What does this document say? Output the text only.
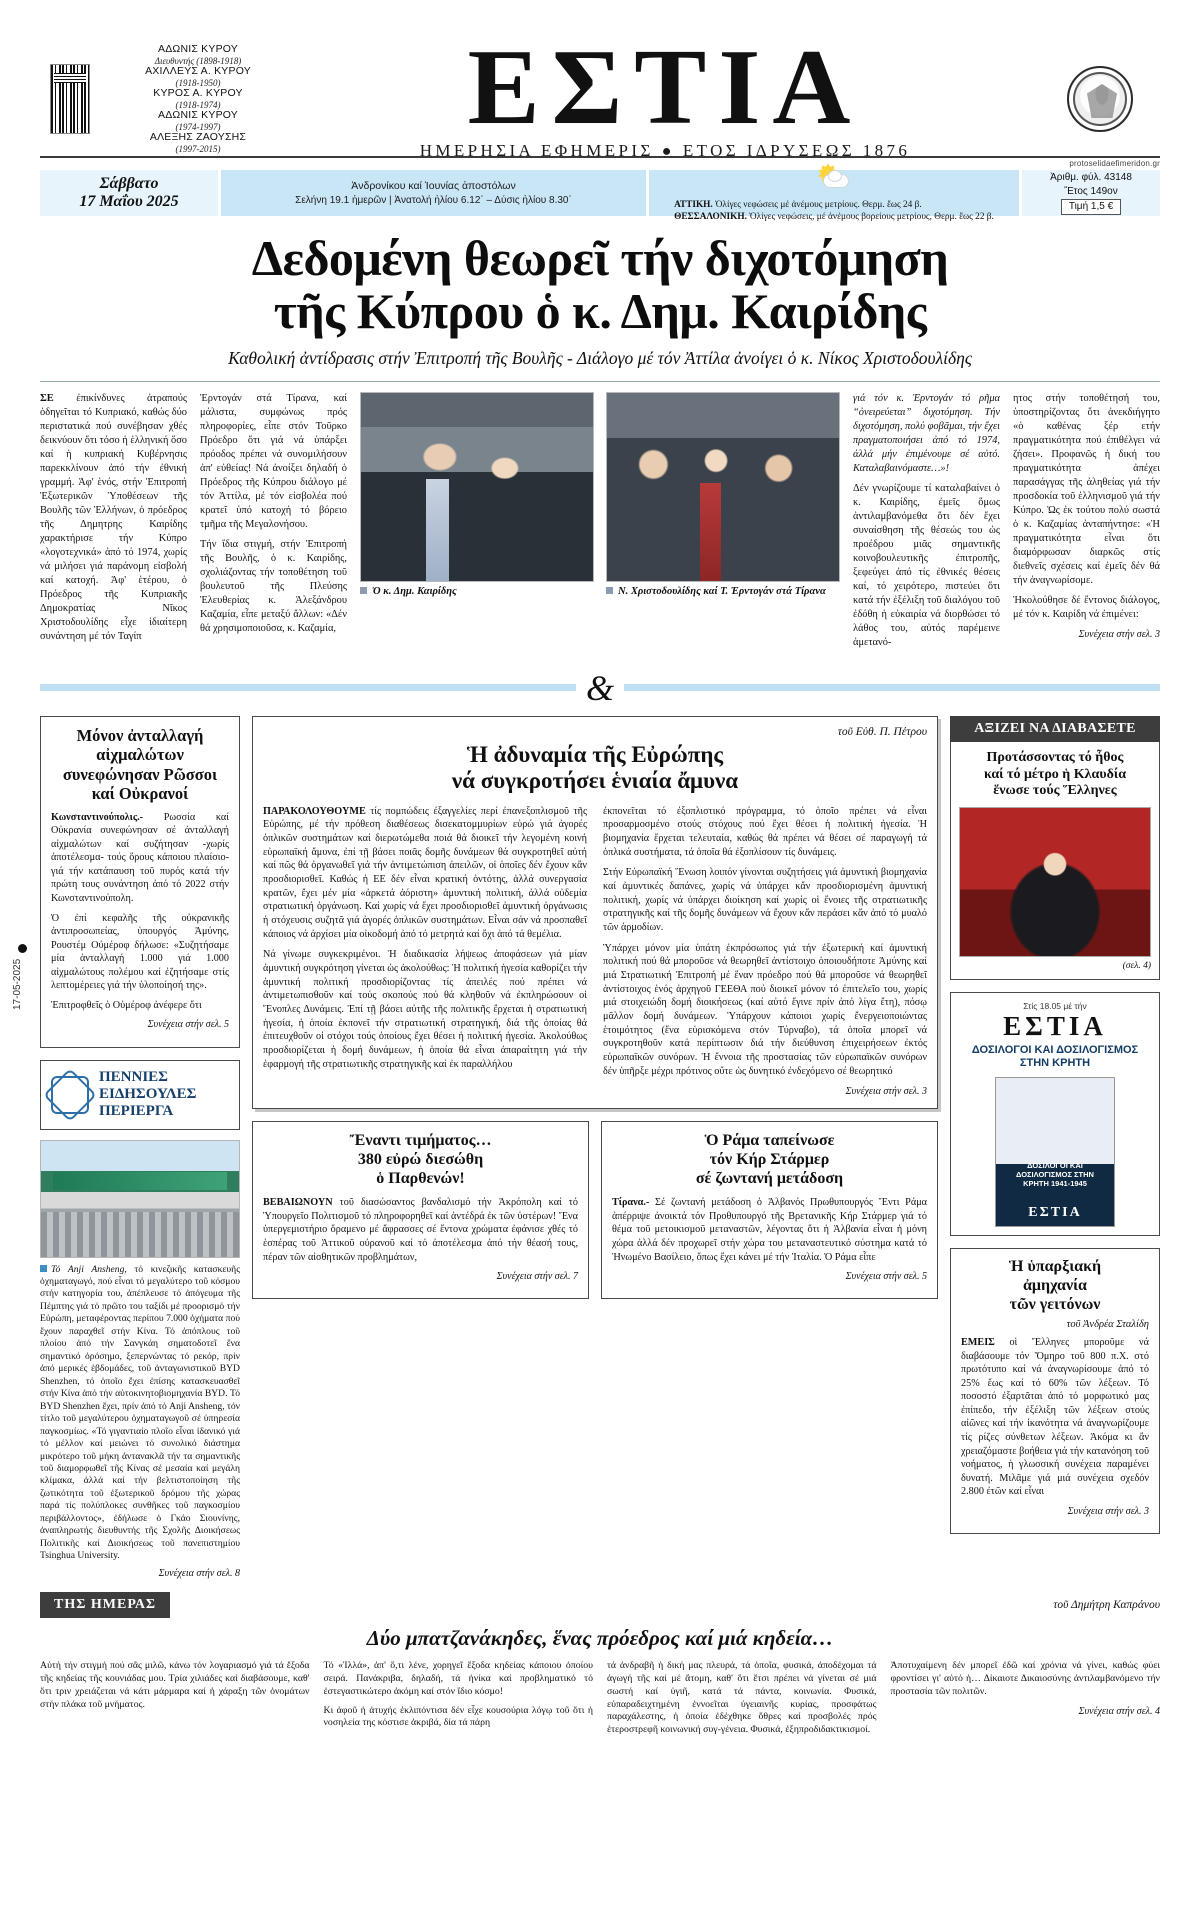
17-05-2025
ΑΔΩΝΙΣ ΚΥΡΟΥ
Διευθυντής (1898-1918)
ΑΧΙΛΛΕΥΣ Α. ΚΥΡΟΥ
(1918-1950)
ΚΥΡΟΣ Α. ΚΥΡΟΥ
(1918-1974)
ΑΔΩΝΙΣ ΚΥΡΟΥ
(1974-1997)
ΑΛΕΞΗΣ ΖΑΟΥΣΗΣ
(1997-2015)
ΕΣΤΙΑ
ΗΜΕΡΗΣΙΑ ΕΦΗΜΕΡΙΣ ● ΕΤΟΣ ΙΔΡΥΣΕΩΣ 1876
protoselidaefimeridon.gr
Σάββατο
17 Μαΐου 2025
Ἀνδρονίκου καί Ἰουνίας ἀποστόλων
Σελήνη 19.1 ἡμερῶν | Ἀνατολή ἡλίου 6.12΄ – Δύσις ἡλίου 8.30΄	ΑΤΤΙΚΗ. Ὀλίγες νεφώσεις μέ ἀνέμους μετρίους. Θερμ. ἕως 24 β.
ΘΕΣΣΑΛΟΝΙΚΗ. Ὀλίγες νεφώσεις, μέ ἀνέμους βορείους μετρίους, Θερμ. ἕως 22 β.
Ἀριθμ. φύλ. 43148
Ἔτος 149ον
Τιμή 1,5 €
Δεδομένη θεωρεῖ τήν διχοτόμηση
τῆς Κύπρου ὁ κ. Δημ. Καιρίδης
Καθολική ἀντίδρασις στήν Ἐπιτροπή τῆς Βουλῆς - Διάλογο μέ τόν Ἀττίλα ἀνοίγει ὁ κ. Νίκος Χριστοδουλίδης

ΣΕ ἐπικίνδυνες ἀτραπούς ὁδηγεῖται τό Κυπριακό, καθώς δύο περιστατικά πού συνέβησαν χθές δεικνύουν ὅτι τόσο ἡ ἑλληνική ὅσο καί ἡ κυπριακή Κυβέρνησις παρεκκλίνουν ἀπό τήν ἐθνική γραμμή. Ἀφ' ἑνός, στήν Ἐπιτροπή Ἐξωτερικῶν Ὑποθέσεων τῆς Βουλῆς τῶν Ἑλλήνων, ὁ πρόεδρος τῆς Δημητρης Καιρίδης χαρακτήρισε τήν Κύπρο «λογοτεχνικά» ἀπό τό 1974, χωρίς νά μιλήσει γιά παράνομη εἰσβολή καί κατοχή. Ἀφ' ἑτέρου, ὁ Πρόεδρος τῆς Κυπριακῆς Δημοκρατίας Νῖκος Χριστοδουλίδης εἶχε ἰδιαίτερη συνάντηση μέ τόν Ταγίπ

Ἐρντογάν στά Τίρανα, καί μάλιστα, συμφώνως πρός πληροφορίες, εἶπε στόν Τοῦρκο Πρόεδρο ὅτι γιά νά ὑπάρξει πρόοδος πρέπει νά συνομιλήσουν ἀπ' εὐθείας! Νά ἀνοίξει δηλαδή ὁ Πρόεδρος τῆς Κύπρου διάλογο μέ τόν Ἀττίλα, μέ τόν εἰσβολέα πού κρατεῖ ὑπό κατοχή τό βόρειο τμῆμα τῆς Μεγαλονήσου.

Τήν ἴδια στιγμή, στήν Ἐπιτροπή τῆς Βουλῆς, ὁ κ. Καιρίδης, σχολιάζοντας τήν τοποθέτηση τοῦ βουλευτοῦ τῆς Πλεύσης Ἐλευθερίας κ. Ἀλεξάνδρου Καζαμία, εἶπε μεταξύ ἄλλων: «Δέν θά χρησιμοποιοῦσα, κ. Καζαμία,

Ὁ κ. Δημ. Καιρίδης	Ν. Χριστοδουλίδης καί Τ. Ἐρντογάν στά Τίρανα

γιά τόν κ. Ἐρντογάν τό ρῆμα “ὀνειρεύεται” διχοτόμηση. Τήν διχοτόμηση, πολύ φοβᾶμαι, τήν ἔχει πραγματοποιήσει ἀπό τό 1974, ἀλλά μήν ἐπιμένουμε σέ αὐτό. Καταλαβαινόμαστε…»!

Δέν γνωρίζουμε τί καταλαβαίνει ὁ κ. Καιρίδης, ἐμεῖς ὅμως ἀντιλαμβανόμεθα ὅτι δέν ἔχει συναίσθηση τῆς θέσεώς του ὡς προέδρου μιᾶς σημαντικῆς κοινοβουλευτικῆς ἐπιτροπῆς, ξεφεύγει ἀπό τίς ἐθνικές θέσεις καί, τό χειρότερο, πιστεύει ὅτι κατά τήν ἐξέλιξη τοῦ διαλόγου τοῦ ἐδόθη ἡ εὐκαιρία νά διορθώσει τό λάθος του, αὐτός παρέμεινε ἀμετανό-

ητος στήν τοποθέτησή του, ὑποστηρίζοντας ὅτι ἀνεκδιήγητο «ὁ καθένας ξέρ ετήν πραγματικότητα πού ἐπιθέλγει νά ζήσει». Προφανῶς ἡ δική του πραγματικότητα ἀπέχει παρασάγγας τῆς ἀληθείας γιά τήν προσδοκία τοῦ ἑλληνισμοῦ γιά τήν Κύπρο. Ὡς ἐκ τούτου πολύ σωστά ὁ κ. Καζαμίας ἀνταπήντησε: «Ἡ πραγματικότητα εἶναι ὅτι διαμόρφωσαν διαρκῶς στίς διεθνεῖς σχέσεις καί ἐμεῖς δέν θά τήν ἀναγνωρίσομε.

Ἡκολούθησε δέ ἔντονος διάλογος, μέ τόν κ. Καιρίδη νά ἐπιμένει:

Συνέχεια στήν σελ. 3

&
Μόνον ἀνταλλαγή
αἰχμαλώτων
συνεφώνησαν Ρῶσσοι
καί Οὐκρανοί

Κωνσταντινούπολις.- Ρωσσία καί Οὐκρανία συνεφώνησαν σέ ἀνταλλαγή αἰχμαλώτων καί συζήτησαν -χωρίς ἀποτέλεσμα- τούς ὅρους κάποιου πλαίσιο- γιά τήν κατάπαυση τοῦ πυρός κατά τήν πρώτη τους συνάντηση ἀπό τό 2022 στήν Κωνσταντινούπολη.

Ὁ ἐπί κεφαλῆς τῆς οὐκρανικῆς ἀντιπροσωπείας, ὑπουργός Ἀμύνης, Ρουστέμ Οὐμέροφ δήλωσε: «Συζητήσαμε μία ἀνταλλαγή 1.000 γιά 1.000 αἰχμαλώτους πολέμου καί ἐζητήσαμε στίς λεπτομέρειες γιά τήν ὑλοποίησή της».

Ἐπιτροφθεῖς ὁ Οὐμέροφ ἀνέφερε ὅτι

Συνέχεια στήν σελ. 5

ΠΕΝΝΙΕΣ
ΕΙΔΗΣΟΥΛΕΣ
ΠΕΡΙΕΡΓΑ
Τό Anji Ansheng, τό κινεζικῆς κατασκευῆς ὀχηματαγωγό, πού εἶναι τό μεγαλύτερο τοῦ κόσμου στήν κατηγορία του, ἀπέπλευσε τό ἀπόγευμα τῆς Πέμπτης γιά τό πρῶτο του ταξίδι μέ προορισμό τήν Εὐρώπη, μεταφέροντας περίπου 7.000 ὀχήματα πού ἔχουν παραχθεῖ στήν Κίνα. Τό ἀπόπλους τοῦ πλοίου ἀπό τήν Σανγκάη σηματοδοτεῖ ἕνα σημαντικό ὁρόσημο, ξεπερνώντας τό ρεκόρ, πρίν ἀπό μερικές ἑβδομάδες, τοῦ ἀνταγωνιστικοῦ BYD Shenzhen, τό ὁποῖο ἔχει ἐπίσης κατασκευασθεῖ στήν Κίνα ἀπό τήν αὐτοκινητοβιομηχανία BYD. Τό BYD Shenzhen ἔχει, πρίν ἀπό τό Anji Ansheng, τόν τίτλο τοῦ μεγαλύτερου ὀχηματαγωγοῦ σέ ὑπηρεσία παγκοσμίως. «Τό γιγαντιαίο πλοῖο εἶναι ἰδανικό γιά τό μέλλον καί μειώνει τό συνολικό διάστημα μικρότερο τοῦ μήκη ἀντανακλᾶ τήν τα σημαντικῆς τοῦ διαμορφωθεῖ τῆς Κίνας σέ μεσαία καί μεγάλη κλίμακα, ἀλλά καί τήν βελτιστοποίηση τῆς ζωτικότητα τοῦ ἐξωτερικοῦ δρόμου τῆς χώρας παρά τίς πολύπλοκες συνθῆκες τοῦ παγκοσμίου περιβάλλοντος», ἐδήλωσε ὁ Γκάο Σιουνίνης, ἀναπληρωτής διευθυντής τῆς Σχολῆς Διοικήσεως Πολιτικῆς καί Διοικήσεως τοῦ πανεπιστημίου Tsinghua University.
Συνέχεια στήν σελ. 8
τοῦ Εὐθ. Π. Πέτρου
Ἡ ἀδυναμία τῆς Εὐρώπης
νά συγκροτήσει ἑνιαία ἄμυνα

ΠΑΡΑΚΟΛΟΥΘΟΥΜΕ τίς πομπώδεις ἐξαγγελίες περί ἐπανεξοπλισμοῦ τῆς Εὐρώπης, μέ τήν πρόθεση διαθέσεως δισεκατομμυρίων εὐρώ γιά ἀγορές ὁπλικῶν συστημάτων καί διερωτώμεθα ποιά θά διοικεῖ τήν λεγομένη κοινή εὐρωπαϊκή ἄμυνα, ἐπί τῇ βάσει ποιᾶς δομῆς δυνάμεων θά συγκροτηθεῖ αὐτή καί πῶς θά ὀργανωθεῖ γιά τήν ἀντιμετώπιση ἀπειλῶν, οἱ ὁποῖες δέν ἔχουν κἄν προσδιορισθεῖ. Καθώς ἡ ΕΕ δέν εἶναι κρατική ὀντότης, ἀλλά συνεργασία κρατῶν, ἔχει μέν μία «ἀρκετά ἀόριστη» ἀμυντική πολιτική, ἀλλά οὐδεμία στρατιωτική ὀργάνωση. Καί χωρίς νά ἔχει προσδιορισθεῖ ἀμυντική ὀργάνωσις ἡ στόχευσις συζητᾶ γιά ἀγορές ὁπλικῶν συστημάτων. Εἶναι σάν νά προσπαθεῖ κάποιος νά ἀρχίσει μία οἰκοδομή ἀπό τό μετρητά καί ὄχι ἀπό τά θεμέλια.

Νά γίνωμε συγκεκριμένοι. Ἡ διαδικασία λήψεως ἀποφάσεων γιά μίαν ἀμυντική συγκρότηση γίνεται ὡς ἀκολούθως: Ἡ πολιτική ἡγεσία καθορίζει τήν ἀμυντική πολιτική προσδιορίζοντας τίς ἀπειλές πού πρέπει νά ἀντιμετωπισθοῦν καί τούς σκοπούς πού θά κληθοῦν νά ἐκπληρώσουν οἱ Ἔνοπλες Δυνάμεις. Ἐπί τῇ βάσει αὐτῆς τῆς πολιτικῆς ἔρχεται ἡ στρατιωτική ἡγεσία, ἡ ὁποία ἐκπονεῖ τήν στρατιωτική στρατηγική, διά τῆς ὁποίας θά ἐπιτευχθοῦν οἱ στόχοι τούς ὁποίους ἔχει θέσει ἡ πολιτική ἡγεσία. Ἀκολούθως προσδιορίζεται ἡ δομή δυνάμεων, ἡ ὁποία θά εἶναι ἀπαραίτητη γιά τήν ἐφαρμογή τῆς στρατιωτικῆς στρατηγικῆς καί ἐκ παραλλήλου

ἐκπονεῖται τό ἐξοπλιστικό πρόγραμμα, τό ὁποῖο πρέπει νά εἶναι προσαρμοσμένο στούς στόχους πού ἔχει θέσει ἡ πολιτική ἡγεσία. Ἡ βιομηχανία ἔρχεται τελευταία, καθώς θά πρέπει νά θέσει σέ παραγωγή τά ὁπλικά συστήματα, τά ὁποῖα θά ἐξοπλίσουν τίς δυνάμεις.

Στήν Εὐρωπαϊκή Ἕνωση λοιπόν γίνονται συζητήσεις γιά ἀμυντική βιομηχανία καί ἀμυντικές δαπάνες, χωρίς νά ὑπάρχει κἄν προσδιορισμένη ἀμυντική πολιτική, χωρίς νά ὑπάρχει διοίκηση καί χωρίς οἱ ἔνοιες τῆς στρατιωτικῆς στρατηγικῆς καί τῆς δομῆς δυνάμεων νά ἔχουν κἄν περάσει κἄν ἀπό τό μυαλό τῶν ἁρμοδίων.

Ὑπάρχει μόνον μία ὑπάτη ἐκπρόσωπος γιά τήν ἐξωτερική καί ἀμυντική πολιτική πού θά μποροῦσε νά θεωρηθεῖ ἀντίστοιχο ὁποιουδήποτε Ἀμύνης καί μιά Στρατιωτική Ἐπιτροπή μέ ἕναν πρόεδρο πού θά μποροῦσε νά θεωρηθεῖ ἀντίστοιχος ἑνός ἀρχηγοῦ ΓΕΕΘΑ πού διοικεῖ μόνον τό ἐπιτελεῖο του, χωρίς μιά στοιχειώδη δομή διοικήσεως (καί αὐτό ἔγινε πρίν ἀπό λίγα ἔτη), πόσῳ μᾶλλον δομή δυνάμεων. Ὑπάρχουν κάποιοι χωρίς ἔνεργειοποιώντας ἑτοιμότητος (ἕνα εὑρισκόμενα στόν Τύρναβο), τά ὁποῖα μπορεῖ νά συγκροτηθοῦν κατά περίπτωσιν διά τήν διεύθυνση ἐπιχειρήσεων ἐκτός εὐρωπαϊκῶν συνόρων. Ἡ ἔννοια τῆς προστασίας τῶν εὐρωπαϊκῶν συνόρων δέν ὑπῆρξε μέχρι πρότινος οὔτε ὡς δυνητικό ἐνδεχόμενο σέ θεωρητικό

Συνέχεια στήν σελ. 3

Ἔναντι τιμήματος…
380 εὐρώ διεσώθη
ὁ Παρθενών!

ΒΕΒΑΙΩΝΟΥΝ τοῦ διασώσαντος βανδαλισμό τήν Ἀκρόπολη καί τό Ὑπουργεῖο Πολιτισμοῦ τό πληροφορηθεῖ καί ἀντέδρά ἐκ τῶν ὑστέρων! Ἕνα ὑπεργεμιστήριο ὅραμενο μέ ἄφρασσες σέ ἔντονα χρώματα ἐφάνισε χθές τό ἑσπέρας τοῦ Ἀττικοῦ οὐρανοῦ καί τό ἀποτέλεσμα ἀπό τήν θέασή τους, πέραν τῶν αἰσθητικῶν προβλημάτων,

Συνέχεια στήν σελ. 7

Ὁ Ράμα ταπείνωσε
τόν Κήρ Στάρμερ
σέ ζωντανή μετάδοση

Τίρανα.- Σέ ζωντανή μετάδοση ὁ Ἀλβανός Πρωθυπουργός Ἔντι Ράμα ἀπέρριψε ἀνοικτά τόν Προθυπουργό τῆς Βρετανικῆς Κήρ Στάρμερ γιά τό θέμα τοῦ μετοικισμοῦ μεταναστῶν, λέγοντας ὅτι ἡ Ἀλβανία εἶναι ἡ μόνη χώρα ἀλλά δέν προχωρεῖ στήν χώρα του μεταναστευτικό σύστημα κατά τό Ἡνωμένο Βασίλειο, ὅπως ἔχει κάνει μέ τήν Ἰταλία. Ὁ Ράμα εἶπε

Συνέχεια στήν σελ. 5

ΑΞΙΖΕΙ ΝΑ ΔΙΑΒΑΣΕΤΕ
Προτάσσοντας τό ἦθος
καί τό μέτρο ἡ Κλαυδία
ἕνωσε τούς Ἕλληνες
(σελ. 4)
Στίς 18.05 μέ τήν
ΕΣΤΙΑ
ΔΟΣΙΛΟΓΟΙ ΚΑΙ ΔΟΣΙΛΟΓΙΣΜΟΣ
ΣΤΗΝ ΚΡΗΤΗ
ΔΟΣΙΛΟΓΟΙ ΚΑΙ ΔΟΣΙΛΟΓΙΣΜΟΣ ΣΤΗΝ ΚΡΗΤΗ 1941-1945
ΕΣΤΙΑ
Ἡ ὑπαρξιακή
ἀμηχανία
τῶν γειτόνων
τοῦ Ἀνδρέα Σταλίδη

ΕΜΕΙΣ οἱ Ἕλληνες μποροῦμε νά διαβάσουμε τόν Ὅμηρο τοῦ 800 π.Χ. στό πρωτότυπο καί νά ἀναγνωρίσουμε ἀπό τό 25% ἕως καί τό 60% τῶν λέξεων. Τό ποσοστό ἐξαρτᾶται ἀπό τό μορφωτικό μας ἐπίπεδο, τήν ἐξέλιξη τῶν λέξεων στούς αἰῶνες καί τήν ἱκανότητα νά ἀναγνωρίζουμε τίς ρίζες σύνθετων λέξεων. Ἀκόμα κι ἄν χρειαζόμαστε βοήθεια γιά τήν κατανόηση τοῦ νοήματος, ἡ γλωσσική συνέχεια παραμένει δυνατή. Μιλᾶμε γιά μιά συνέχεια σχεδόν 2.800 ἐτῶν καί εἶναι

Συνέχεια στήν σελ. 3

ΤΗΣ ΗΜΕΡΑΣ	τοῦ Δημήτρη Καπράνου
Δύο μπατζανάκηδες, ἕνας πρόεδρος καί μιά κηδεία…

Αὐτή τήν στιγμή πού σᾶς μιλῶ, κάνω τόν λογαριασμό γιά τά ἔξοδα τῆς κηδείας τῆς κουνιάδας μου. Τρία χιλιάδες καί διαβάσουμε, καθ' ὅτι τριν χρειάζεται νά κάτι μάρμαρα καί ἡ χάραξη τῶν ὀνομάτων στήν πλάκα τοῦ μνήματος.

Τό «Ἰλλά», ἀπ' ὅ,τι λένε, χορηγεῖ ἕξοδα κηδείας κάποιου ὁποίου σειρά. Πανάκριβα, δηλαδή, τά ἡνίκα καί προβληματικό τό ἐστεγαστικώτερο ἀκόμη καί στόν ἴδιο κόσμο!

Κι ἀφοῦ ἡ ἀτυχής ἐκλιπόντισα δέν εἶχε κουσούρια λόγῳ τοῦ ὅτι ἡ νοσηλεία της κόστισε ἀκριβά, δία τά πάρη

τά ἀνδραβῆ ἡ δική μας πλευρά, τά ὁποῖα, φυσικά, ἀποδέχομαι τά ἀγωγή τῆς καί μέ ἄτομη, καθ' ὅτι ἔτσι πρέπει νά γίνεται σέ μιά σωστή καί ὑγιῆ, κατά τά πάντα, κοινωνία. Φυσικά, εὐπαραδειχτημένη ἐννοεῖται ὑγειαινῆς κυρίας, προσφάτως παραχάλεστης, ἡ ὁποία ἐδέχθηκε ὅθρες καί προσβολές πρός ἑτεροστρεφῆ κοινωνική συγ-γένεια. Φυσικά, ἐξηπροδιδακτικισμοί.

Ἀποτυχαίμενη δέν μπορεῖ ἐδῶ καί χρόνια νά γίνει, καθώς φύει φροντίσει γι' αὐτό ἡ… Δίκαιοτε Δικαιοσύνης ἀντιλαμβανόμενο τήν προστασία τῶν πολιτῶν.

Συνέχεια στήν σελ. 4
